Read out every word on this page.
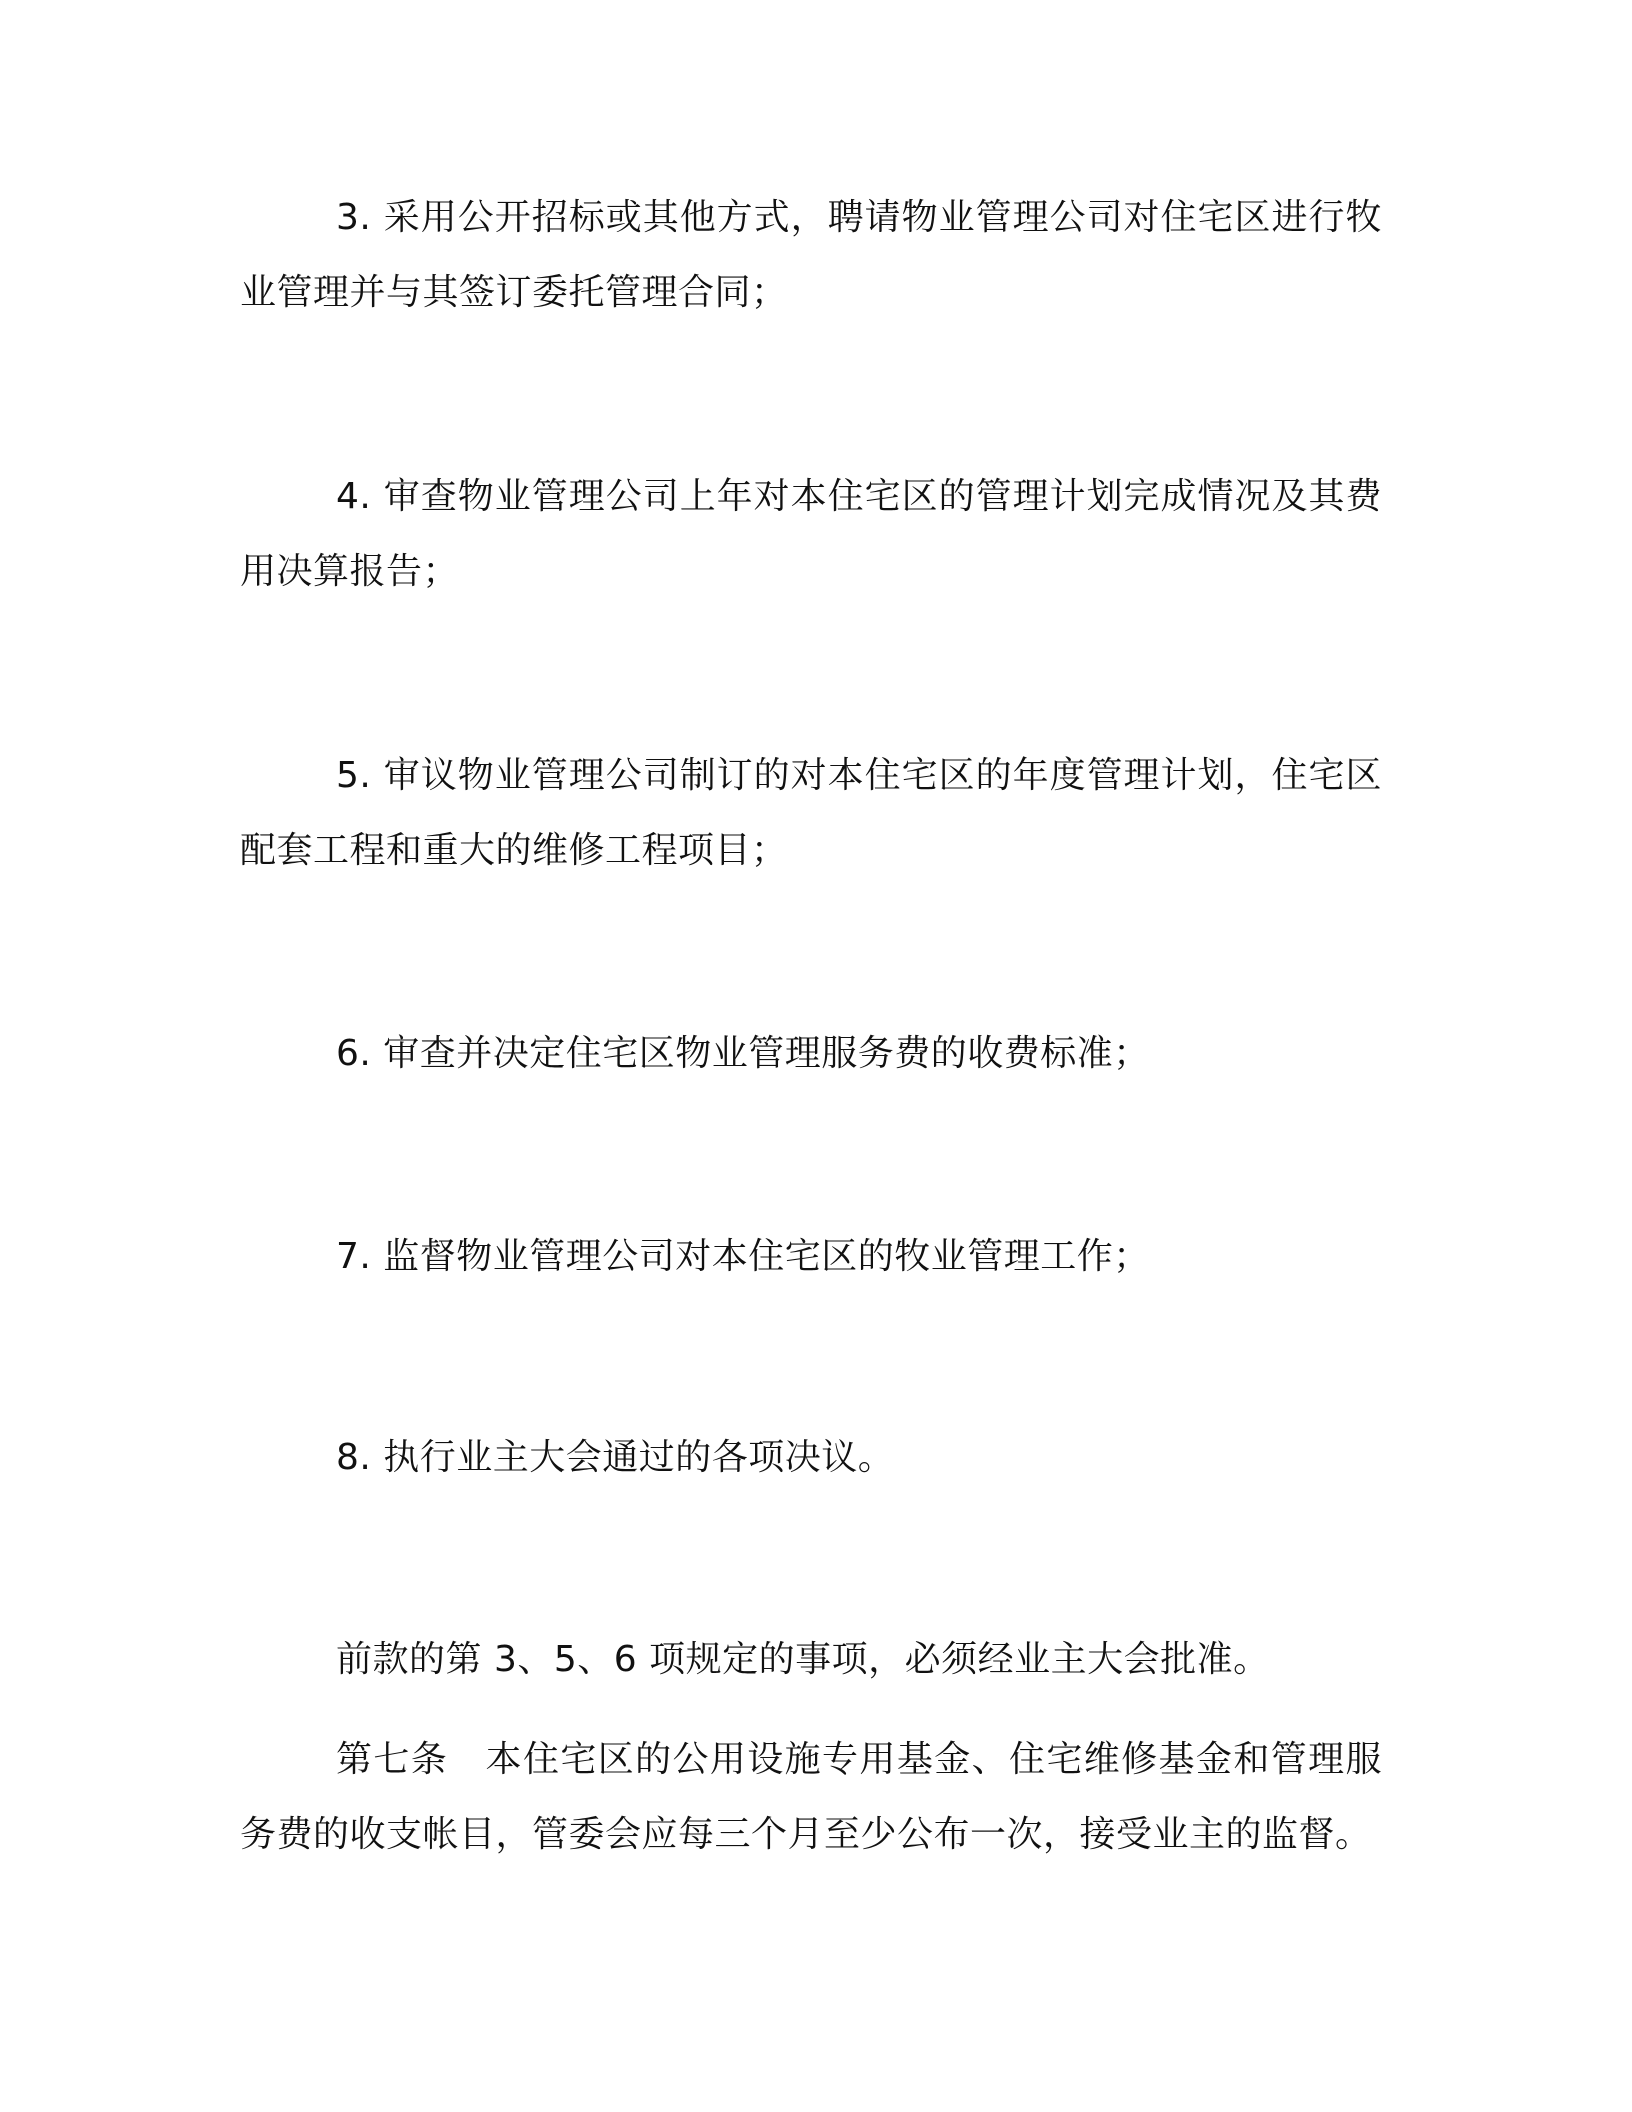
3. 采用公开招标或其他方式，聘请物业管理公司对住宅区进行牧业管理并与其签订委托管理合同；

4. 审查物业管理公司上年对本住宅区的管理计划完成情况及其费用决算报告；

5. 审议物业管理公司制订的对本住宅区的年度管理计划，住宅区配套工程和重大的维修工程项目；

6. 审查并决定住宅区物业管理服务费的收费标准；

7. 监督物业管理公司对本住宅区的牧业管理工作；

8. 执行业主大会通过的各项决议。

前款的第 3、5、6 项规定的事项，必须经业主大会批准。

第七条　本住宅区的公用设施专用基金、住宅维修基金和管理服务费的收支帐目，管委会应每三个月至少公布一次，接受业主的监督。
